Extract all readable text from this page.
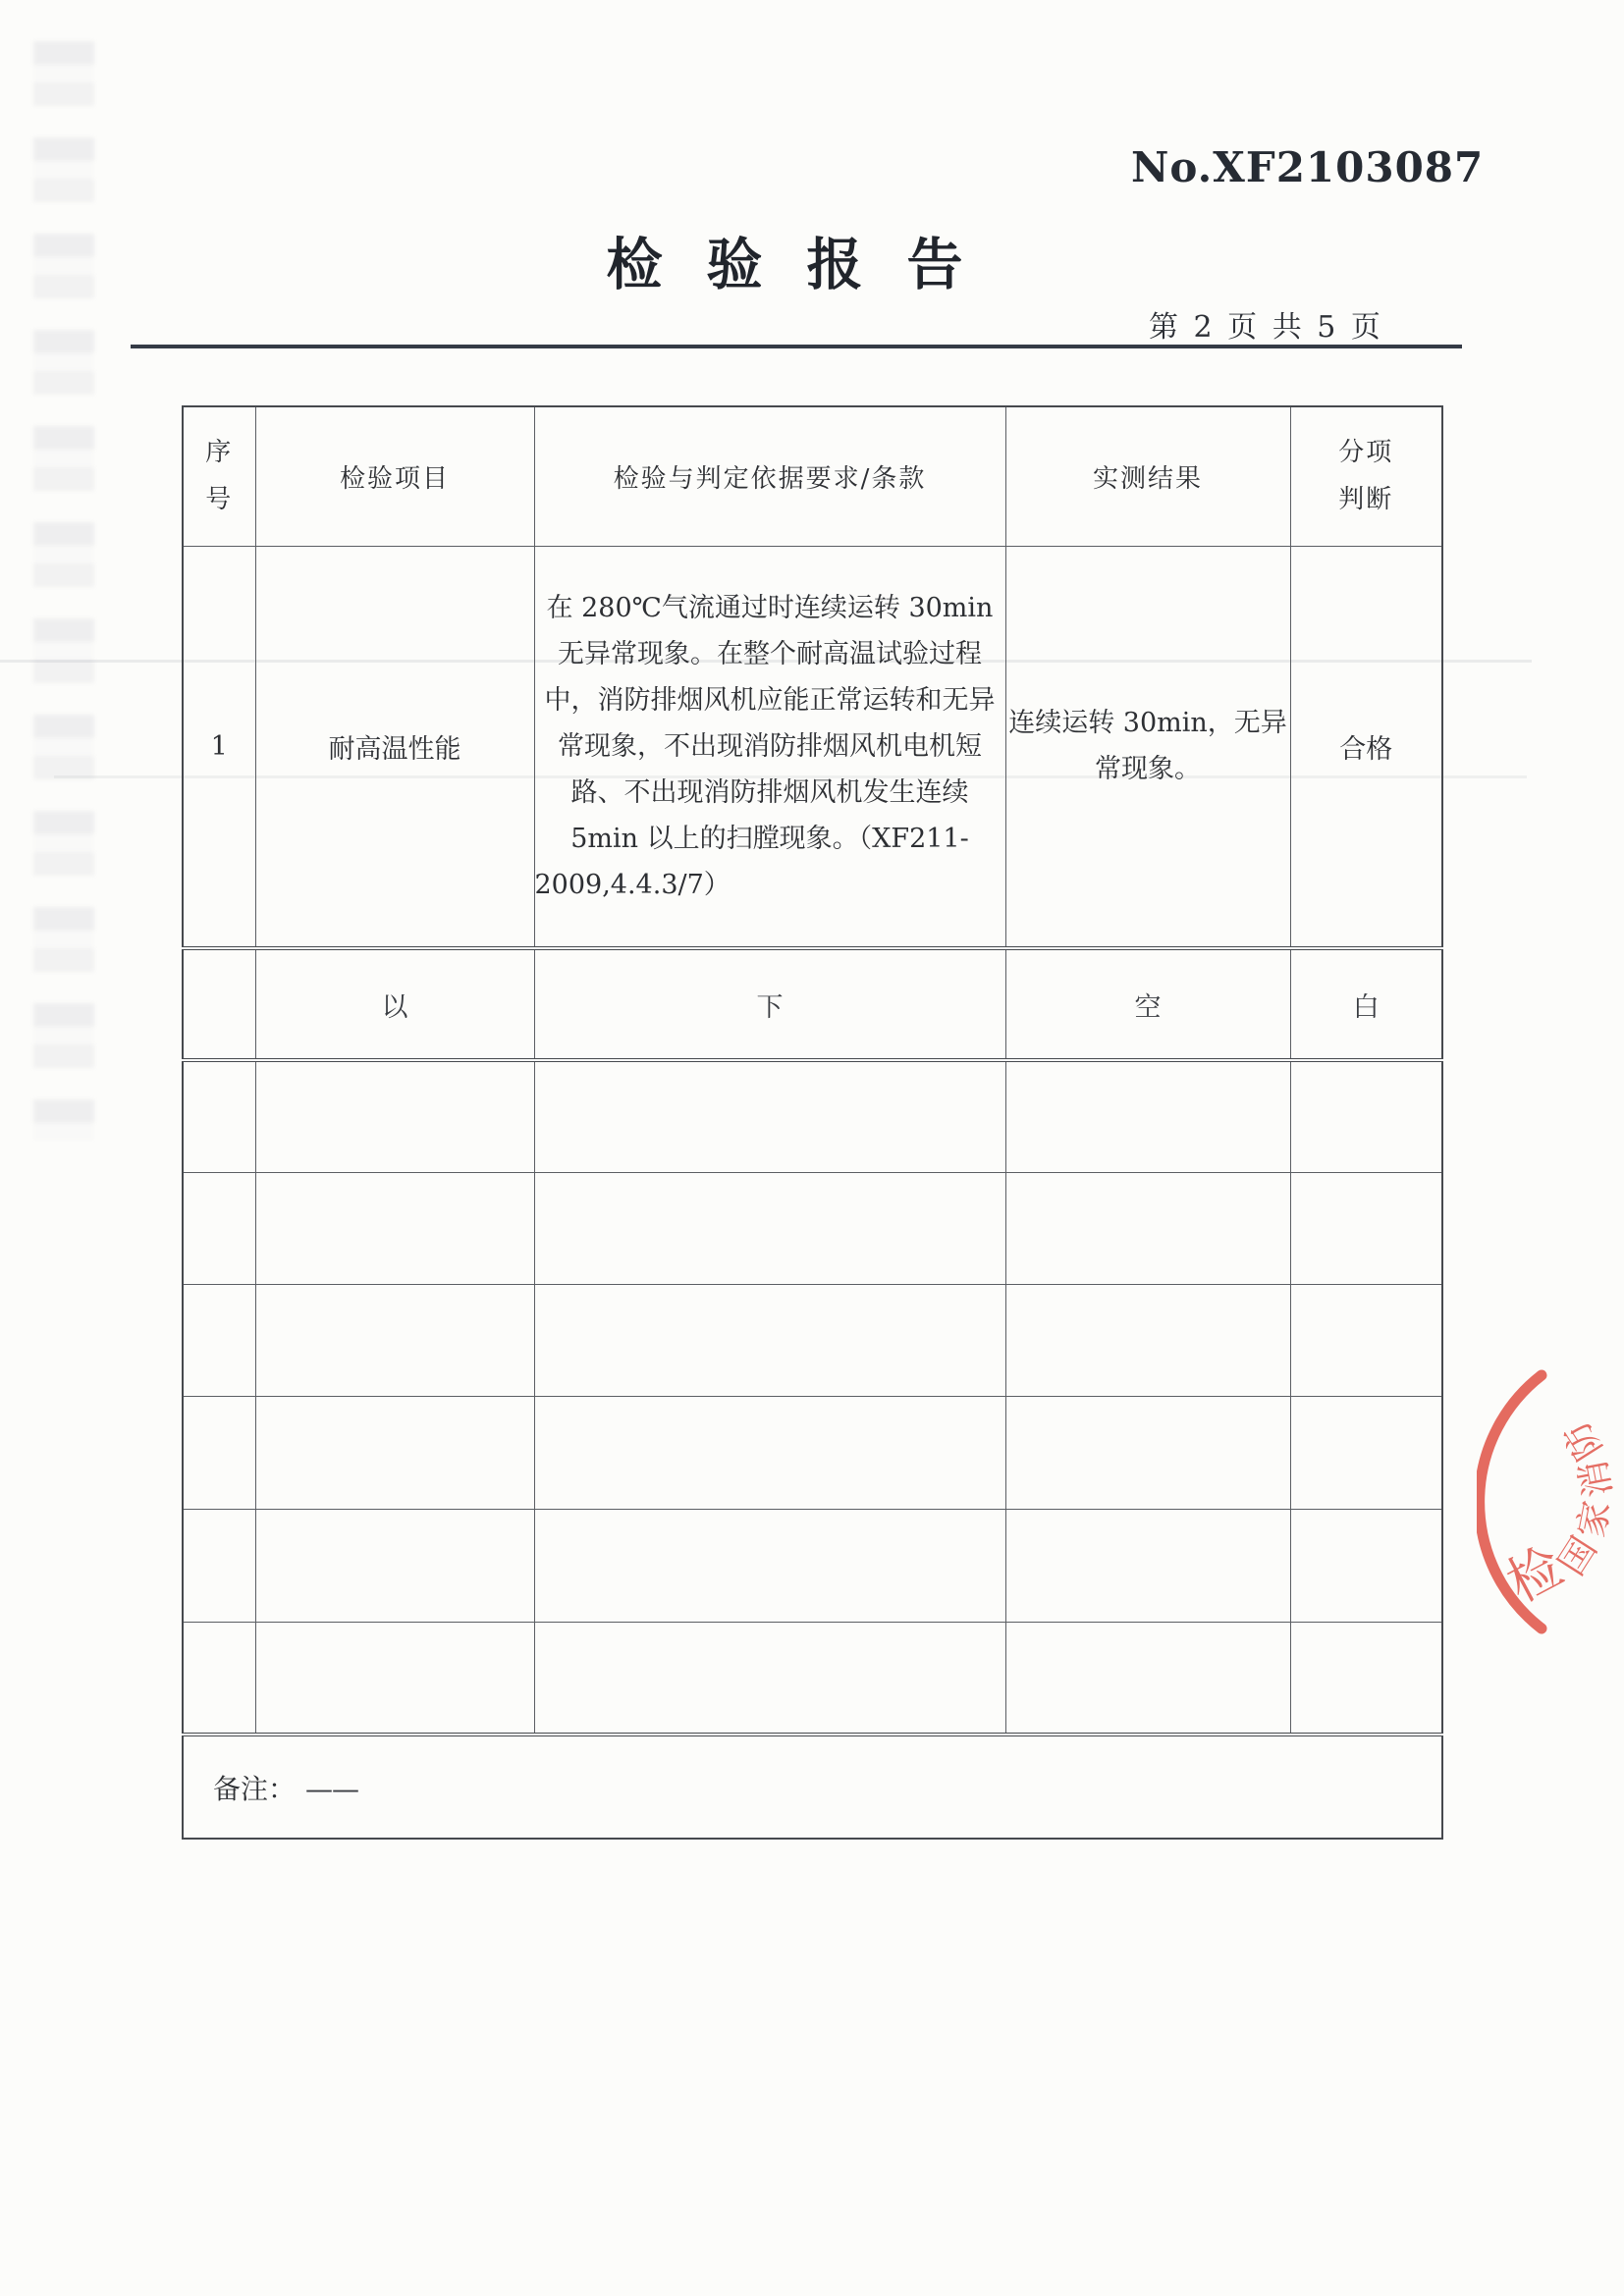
No.XF2103087
检验报告
第 2 页 共 5 页
序号	检验项目	检验与判定依据要求/条款	实测结果	分项判断
1	耐高温性能	在 280℃气流通过时连续运转 30min 无异常现象。在整个耐高温试验过程中，消防排烟风机应能正常运转和无异常现象，不出现消防排烟风机电机短路、不出现消防排烟风机发生连续 5min 以上的扫膛现象。（XF211-2009,4.4.3/7）	连续运转 30min，无异常现象。	合格
	以	下	空	白

备注： ——				
国家消防
检
